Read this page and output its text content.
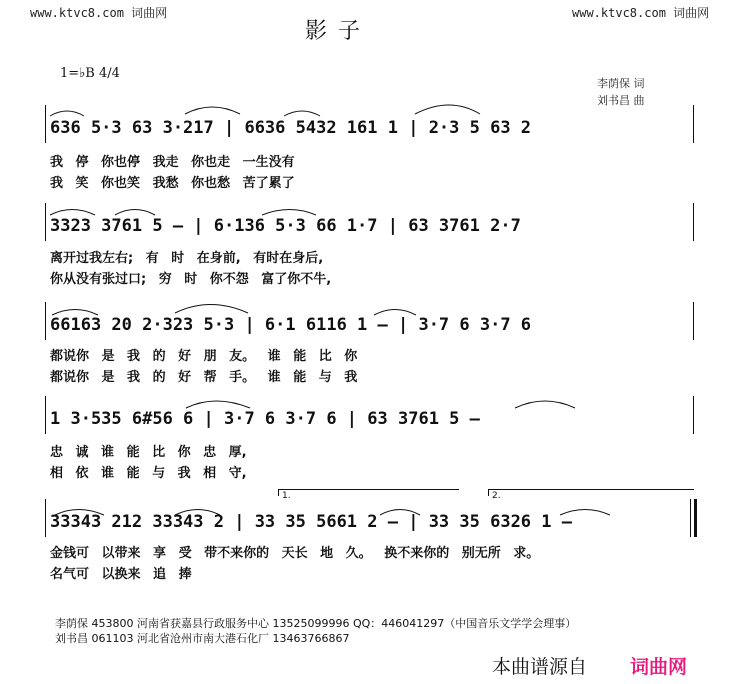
www.ktvc8.com 词曲网	www.ktvc8.com 词曲网
影 子
1=♭B 4/4
李荫保 词
刘书昌 曲
636 5·3 63 3·217 | 6636 5432 161 1 | 2·3 5 63 2
我 停 你也停 我走 你也走 一生没有
我 笑 你也笑 我愁 你也愁 苦了累了
3323 3761 5 – | 6·136 5·3 66 1·7 | 63 3761 2·7
离开过我左右; 有 时 在身前, 有时在身后,
你从没有张过口; 穷 时 你不怨 富了你不牛,
66163 20 2·323 5·3 | 6·1 6116 1 – | 3·7 6 3·7 6
都说你 是 我 的 好 朋 友。 谁 能 比 你
都说你 是 我 的 好 帮 手。 谁 能 与 我
1 3·535 6#56 6 | 3·7 6 3·7 6 | 63 3761 5 –
忠 诚 谁 能 比 你 忠 厚,
相 依 谁 能 与 我 相 守,
1.	2.
33343 212 33343 2 | 33 35 5661 2 – | 33 35 6326 1 –
金钱可 以带来 享 受 带不来你的 天长 地 久。 换不来你的 别无所 求。
名气可 以换来 追 捧
李荫保 453800 河南省获嘉县行政服务中心 13525099996 QQ：446041297（中国音乐文学学会理事）
刘书昌 061103 河北省沧州市南大港石化厂 13463766867
本曲谱源自 词曲网
